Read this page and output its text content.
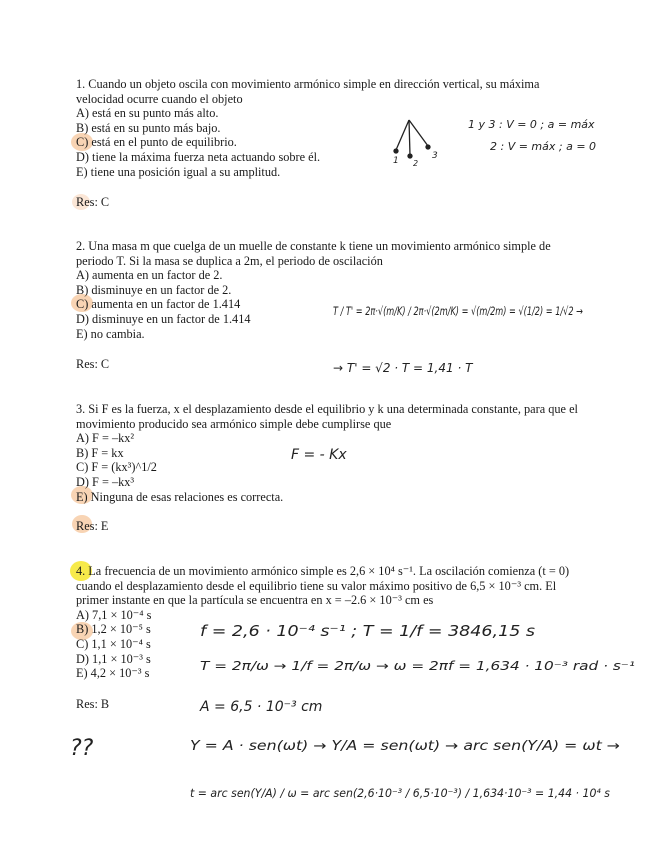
1. Cuando un objeto oscila con movimiento armónico simple en dirección vertical, su máxima velocidad ocurre cuando el objeto

A) está en su punto más alto.

B) está en su punto más bajo.

C) está en el punto de equilibrio.

D) tiene la máxima fuerza neta actuando sobre él.

E) tiene una posición igual a su amplitud.

Res: C

2. Una masa m que cuelga de un muelle de constante k tiene un movimiento armónico simple de periodo T. Si la masa se duplica a 2m, el periodo de oscilación

A) aumenta en un factor de 2.

B) disminuye en un factor de 2.

C) aumenta en un factor de 1.414

D) disminuye en un factor de 1.414

E) no cambia.

Res: C

3. Si F es la fuerza, x el desplazamiento desde el equilibrio y k una determinada constante, para que el movimiento producido sea armónico simple debe cumplirse que

A) F = –kx²

B) F = kx

C) F = (kx³)^1/2

D) F = –kx³

E) Ninguna de esas relaciones es correcta.

Res: E

4. La frecuencia de un movimiento armónico simple es 2,6 × 10⁴ s⁻¹. La oscilación comienza (t = 0) cuando el desplazamiento desde el equilibrio tiene su valor máximo positivo de 6,5 × 10⁻³ cm. El primer instante en que la partícula se encuentra en x = –2.6 × 10⁻³ cm es

A) 7,1 × 10⁻⁴ s

B) 1,2 × 10⁻⁵ s

C) 1,1 × 10⁻⁴ s

D) 1,1 × 10⁻³ s

E) 4,2 × 10⁻³ s

Res: B
1 2
3
1 y 3 : V = 0 ; a = máx
2 : V = máx ; a = 0
T / T' = 2π·√(m/K) / 2π·√(2m/K) = √(m/2m) = √(1/2) = 1/√2 →
→ T' = √2 · T = 1,41 · T
F = - Kx
f = 2,6 · 10⁻⁴ s⁻¹ ; T = 1/f = 3846,15 s
T = 2π/ω → 1/f = 2π/ω → ω = 2πf = 1,634 · 10⁻³ rad · s⁻¹
A = 6,5 · 10⁻³ cm
??	Y = A · sen(ωt) → Y/A = sen(ωt) → arc sen(Y/A) = ωt →
t = arc sen(Y/A) / ω = arc sen(2,6·10⁻³ / 6,5·10⁻³) / 1,634·10⁻³ = 1,44 · 10⁴ s
